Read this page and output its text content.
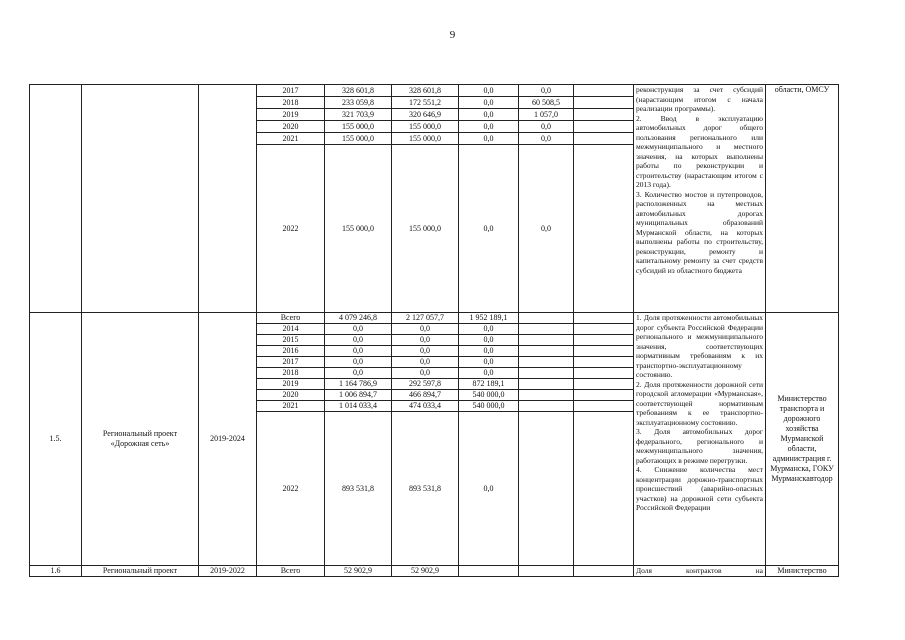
9
			2017	328 601,8	328 601,8	0,0	0,0		реконструкция за счет субсидий (нарастающим итогом с начала реализации программы).

2. Ввод в эксплуатацию автомобильных дорог общего пользования регионального или межмуниципального и местного значения, на которых выполнены работы по реконструкции и строительству (нарастающим итогом с 2013 года).

3. Количество мостов и путепроводов, расположенных на местных автомобильных дорогах муниципальных образований Мурманской области, на которых выполнены работы по строительству, реконструкции, ремонту и капитальному ремонту за счет средств субсидий из областного бюджета	области, ОМСУ
			2018	233 059,8	172 551,2	0,0	60 508,5			
			2019	321 703,9	320 646,9	0,0	1 057,0			
			2020	155 000,0	155 000,0	0,0	0,0			
			2021	155 000,0	155 000,0	0,0	0,0			
			2022	155 000,0	155 000,0	0,0	0,0			
1.5.	Региональный проект «Дорожная сеть»	2019-2024	Всего	4 079 246,8	2 127 057,7	1 952 189,1			1. Доля протяженности автомобильных дорог субъекта Российской Федерации регионального и межмуниципального значения, соответствующих нормативным требованиям к их транспортно-эксплуатационному состоянию.

2. Доля протяженности дорожной сети городской агломерации «Мурманская», соответствующей нормативным требованиям к ее транспортно-эксплуатационному состоянию.

3. Доля автомобильных дорог федерального, регионального и межмуниципального значения, работающих в режиме перегрузки.

4. Снижение количества мест концентрации дорожно-транспортных происшествий (аварийно-опасных участков) на дорожной сети субъекта Российской Федерации	Министерство транспорта и дорожного хозяйства Мурманской области, администрация г. Мурманска, ГОКУ Мурманскавтодор
			2014	0,0	0,0	0,0				
			2015	0,0	0,0	0,0				
			2016	0,0	0,0	0,0				
			2017	0,0	0,0	0,0				
			2018	0,0	0,0	0,0				
			2019	1 164 786,9	292 597,8	872 189,1				
			2020	1 006 894,7	466 894,7	540 000,0				
			2021	1 014 033,4	474 033,4	540 000,0				
			2022	893 531,8	893 531,8	0,0				
1.6	Региональный проект	2019-2022	Всего	52 902,9	52 902,9				Доля контрактов на	Министерство
